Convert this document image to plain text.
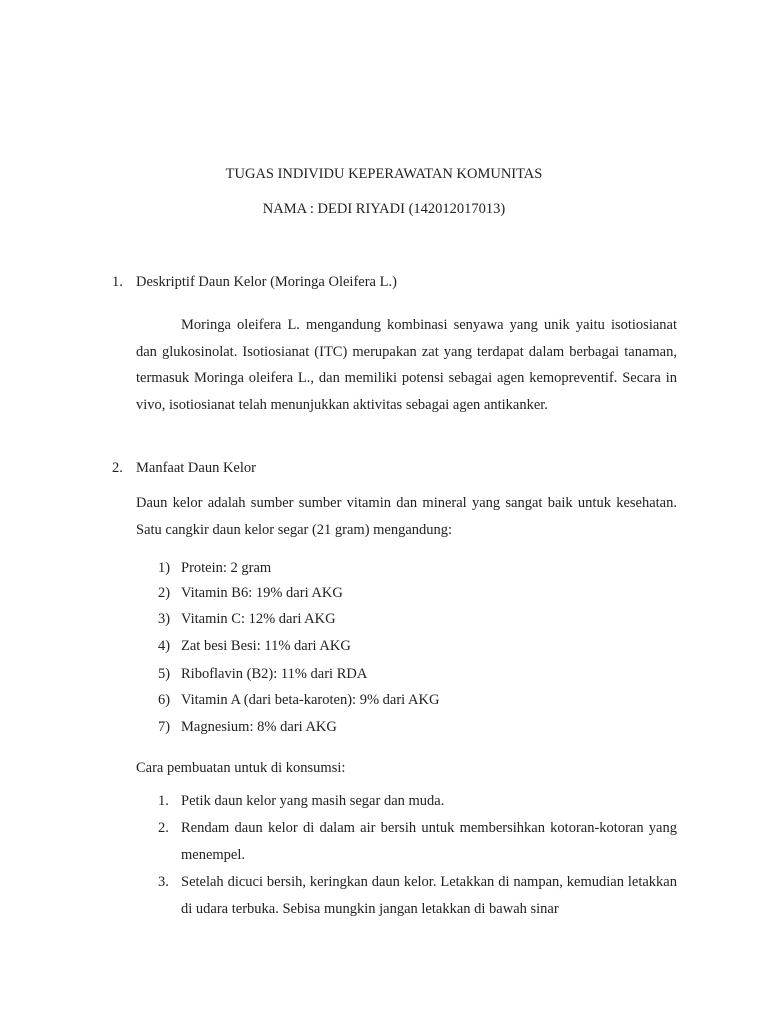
TUGAS INDIVIDU KEPERAWATAN KOMUNITAS
NAMA : DEDI RIYADI (142012017013)
1. Deskriptif Daun Kelor (Moringa Oleifera L.)
Moringa oleifera L. mengandung kombinasi senyawa yang unik yaitu isotiosianat dan glukosinolat. Isotiosianat (ITC) merupakan zat yang terdapat dalam berbagai tanaman, termasuk Moringa oleifera L., dan memiliki potensi sebagai agen kemopreventif. Secara in vivo, isotiosianat telah menunjukkan aktivitas sebagai agen antikanker.
2. Manfaat Daun Kelor
Daun kelor adalah sumber sumber vitamin dan mineral yang sangat baik untuk kesehatan. Satu cangkir daun kelor segar (21 gram) mengandung:
1) Protein: 2 gram
2) Vitamin B6: 19% dari AKG
3) Vitamin C: 12% dari AKG
4) Zat besi Besi: 11% dari AKG
5) Riboflavin (B2): 11% dari RDA
6) Vitamin A (dari beta-karoten): 9% dari AKG
7) Magnesium: 8% dari AKG
Cara pembuatan untuk di konsumsi:
1. Petik daun kelor yang masih segar dan muda.
2. Rendam daun kelor di dalam air bersih untuk membersihkan kotoran-kotoran yang menempel.
3. Setelah dicuci bersih, keringkan daun kelor. Letakkan di nampan, kemudian letakkan di udara terbuka. Sebisa mungkin jangan letakkan di bawah sinar
